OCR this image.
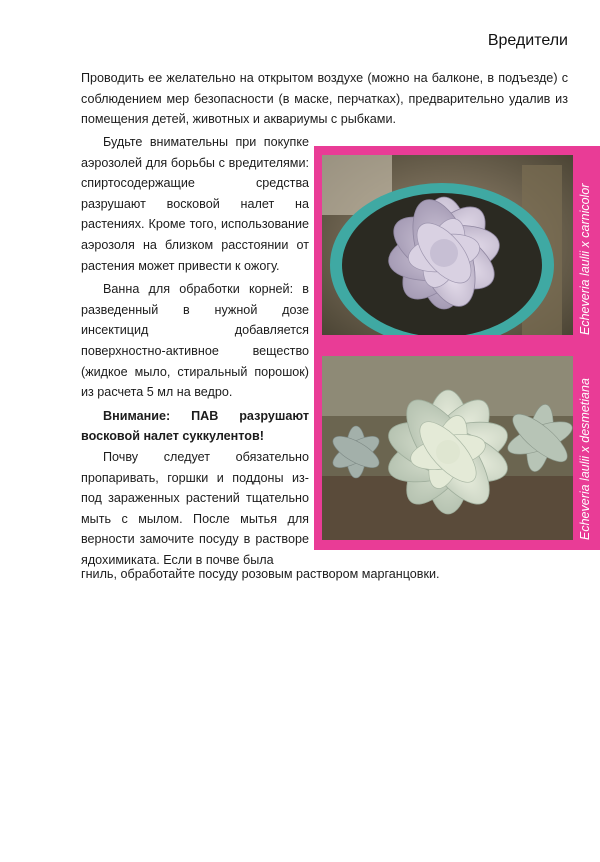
Вредители

Проводить ее желательно на открытом воздухе (можно на балконе, в подъезде) с соблюдением мер безопасности (в маске, перчатках), предварительно удалив из помещения детей, животных и аквариумы с рыбками.

Будьте внимательны при покупке аэрозолей для борьбы с вредителями: спиртосодержащие средства разрушают восковой налет на растениях. Кроме того, использование аэрозоля на близком расстоянии от растения может привести к ожогу.

Ванна для обработки корней: в разведенный в нужной дозе инсектицид добавляется поверхностно-активное вещество (жидкое мыло, стиральный порошок) из расчета 5 мл на ведро.

Внимание: ПАВ разрушают восковой налет суккулентов!

Почву следует обязательно пропаривать, горшки и поддоны из-под зараженных растений тщательно мыть с мылом. После мытья для верности замочите посуду в растворе ядохимиката. Если в почве была

гниль, обработайте посуду розовым раствором марганцовки.

Echeveria laulii x carnicolor
Echeveria laulii x desmetiana
